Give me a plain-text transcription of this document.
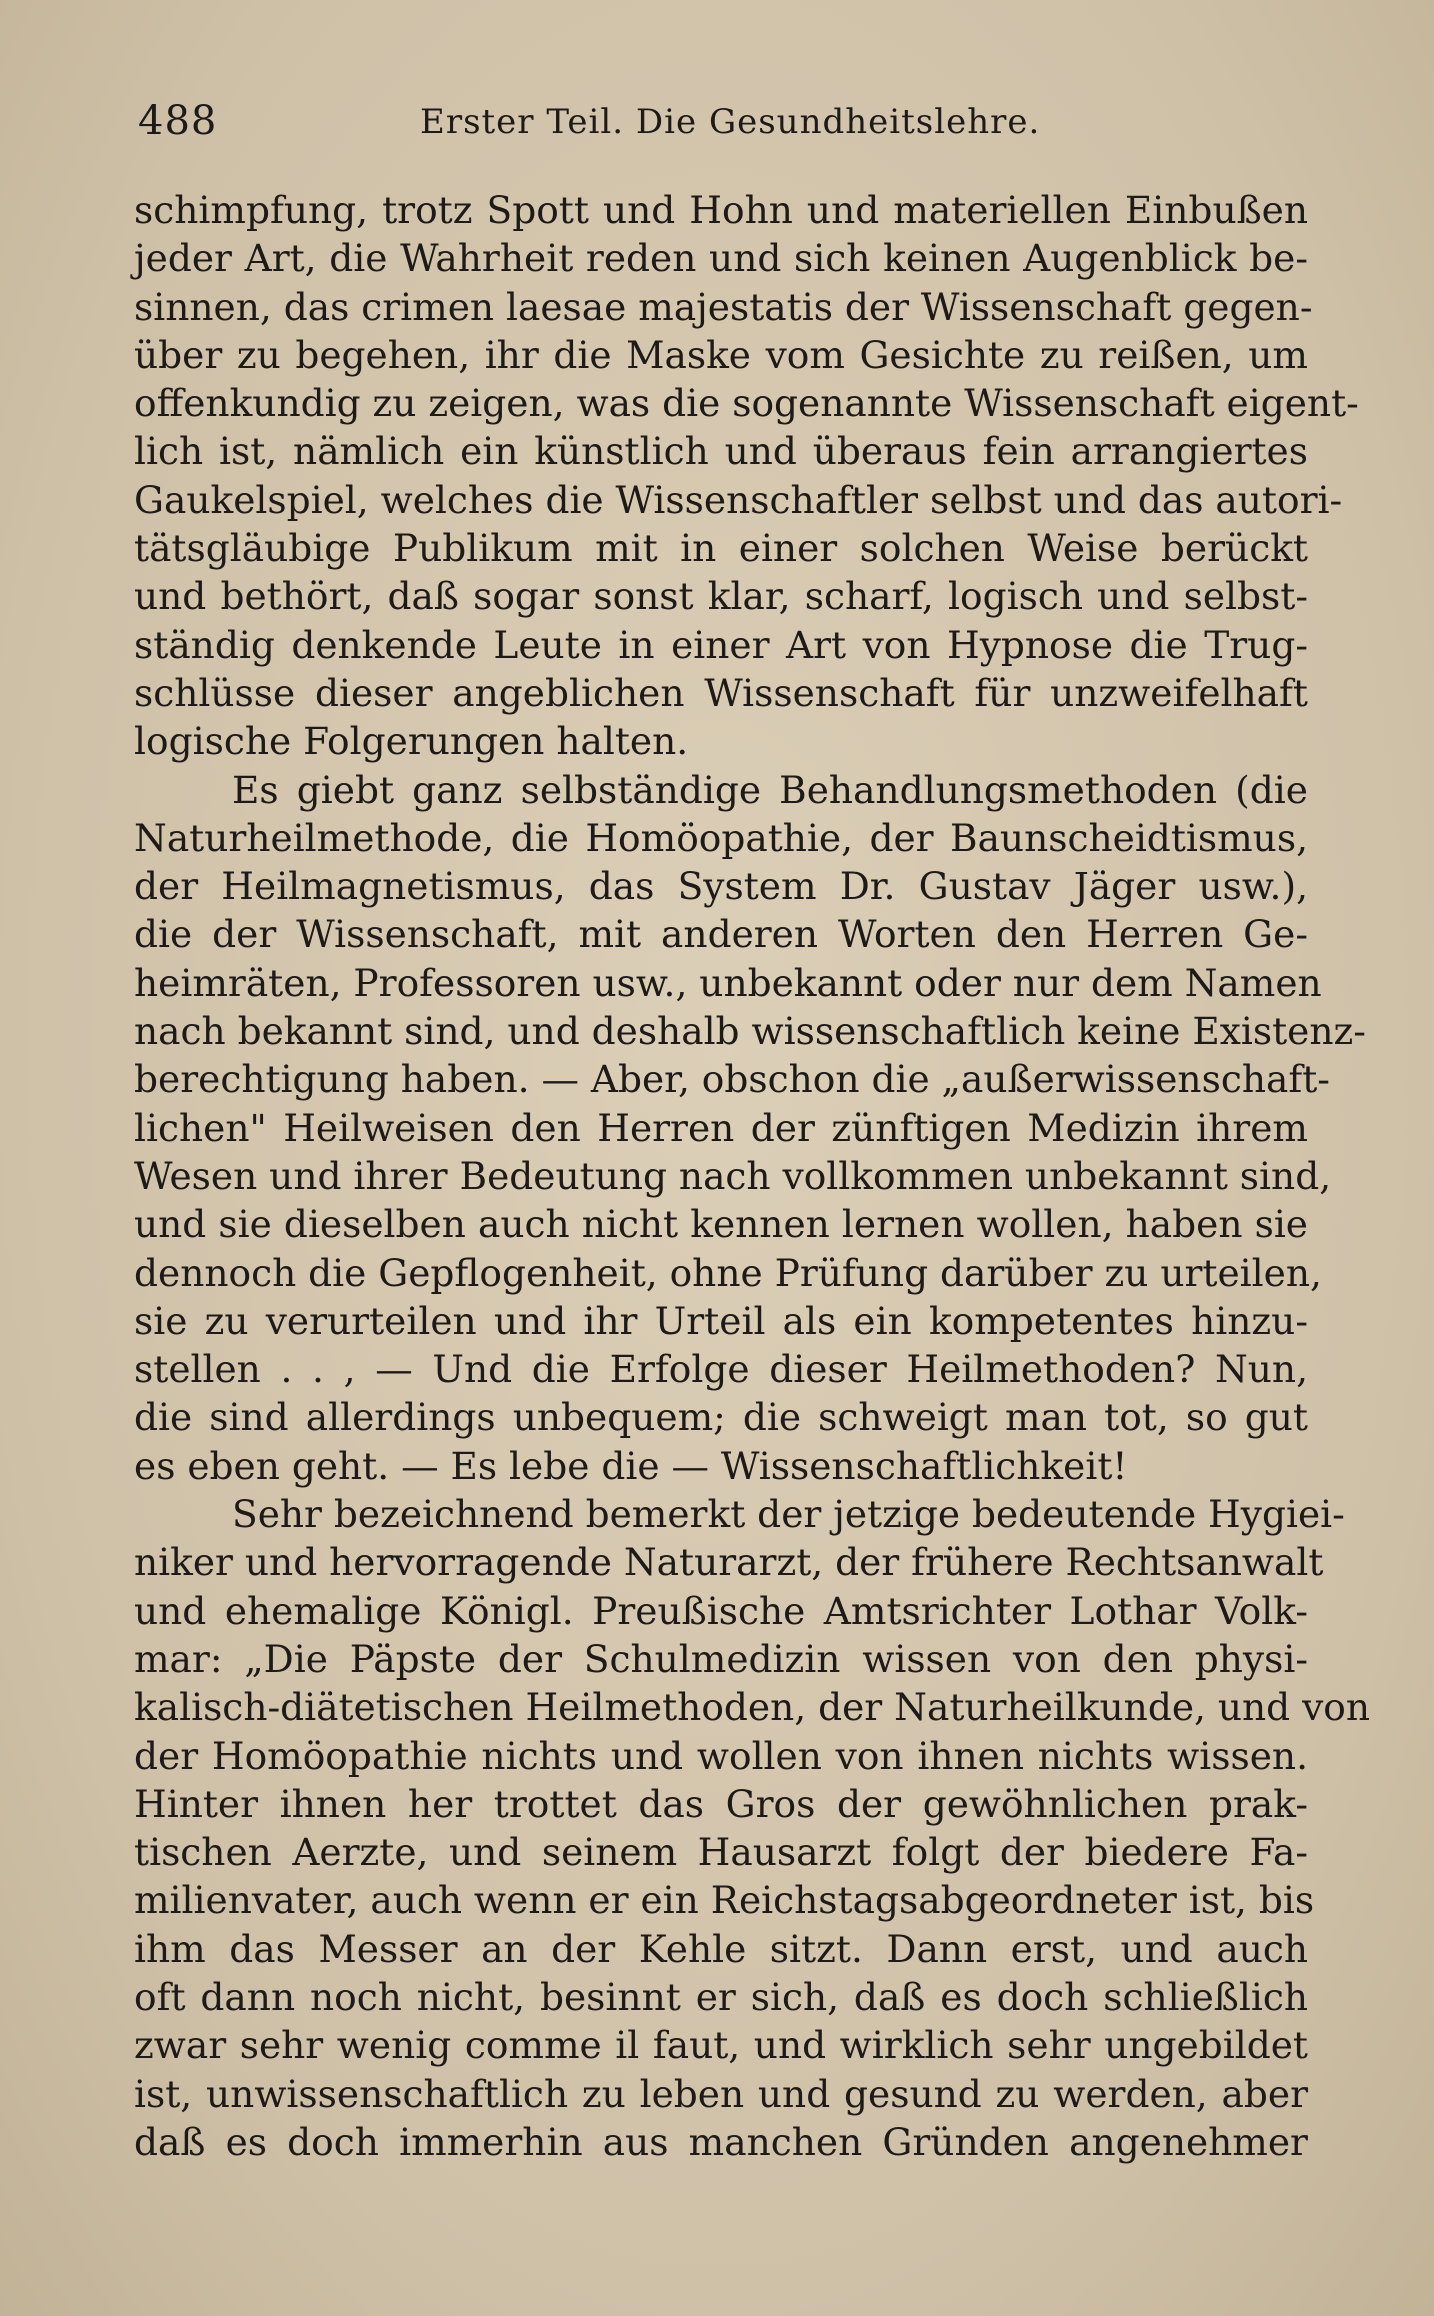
488	Erster Teil. Die Gesundheitslehre.
schimpfung, trotz Spott und Hohn und materiellen Einbußen
jeder Art, die Wahrheit reden und sich keinen Augenblick be-
sinnen, das crimen laesae majestatis der Wissenschaft gegen-
über zu begehen, ihr die Maske vom Gesichte zu reißen, um
offenkundig zu zeigen, was die sogenannte Wissenschaft eigent-
lich ist, nämlich ein künstlich und überaus fein arrangiertes
Gaukelspiel, welches die Wissenschaftler selbst und das autori-
tätsgläubige Publikum mit in einer solchen Weise berückt
und bethört, daß sogar sonst klar, scharf, logisch und selbst-
ständig denkende Leute in einer Art von Hypnose die Trug-
schlüsse dieser angeblichen Wissenschaft für unzweifelhaft
logische Folgerungen halten.
Es giebt ganz selbständige Behandlungsmethoden (die
Naturheilmethode, die Homöopathie, der Baunscheidtismus,
der Heilmagnetismus, das System Dr. Gustav Jäger usw.),
die der Wissenschaft, mit anderen Worten den Herren Ge-
heimräten, Professoren usw., unbekannt oder nur dem Namen
nach bekannt sind, und deshalb wissenschaftlich keine Existenz-
berechtigung haben. — Aber, obschon die „außerwissenschaft-
lichen" Heilweisen den Herren der zünftigen Medizin ihrem
Wesen und ihrer Bedeutung nach vollkommen unbekannt sind,
und sie dieselben auch nicht kennen lernen wollen, haben sie
dennoch die Gepflogenheit, ohne Prüfung darüber zu urteilen,
sie zu verurteilen und ihr Urteil als ein kompetentes hinzu-
stellen . . , — Und die Erfolge dieser Heilmethoden? Nun,
die sind allerdings unbequem; die schweigt man tot, so gut
es eben geht. — Es lebe die — Wissenschaftlichkeit!
Sehr bezeichnend bemerkt der jetzige bedeutende Hygiei-
niker und hervorragende Naturarzt, der frühere Rechtsanwalt
und ehemalige Königl. Preußische Amtsrichter Lothar Volk-
mar: „Die Päpste der Schulmedizin wissen von den physi-
kalisch-diätetischen Heilmethoden, der Naturheilkunde, und von
der Homöopathie nichts und wollen von ihnen nichts wissen.
Hinter ihnen her trottet das Gros der gewöhnlichen prak-
tischen Aerzte, und seinem Hausarzt folgt der biedere Fa-
milienvater, auch wenn er ein Reichstagsabgeordneter ist, bis
ihm das Messer an der Kehle sitzt. Dann erst, und auch
oft dann noch nicht, besinnt er sich, daß es doch schließlich
zwar sehr wenig comme il faut, und wirklich sehr ungebildet
ist, unwissenschaftlich zu leben und gesund zu werden, aber
daß es doch immerhin aus manchen Gründen angenehmer
